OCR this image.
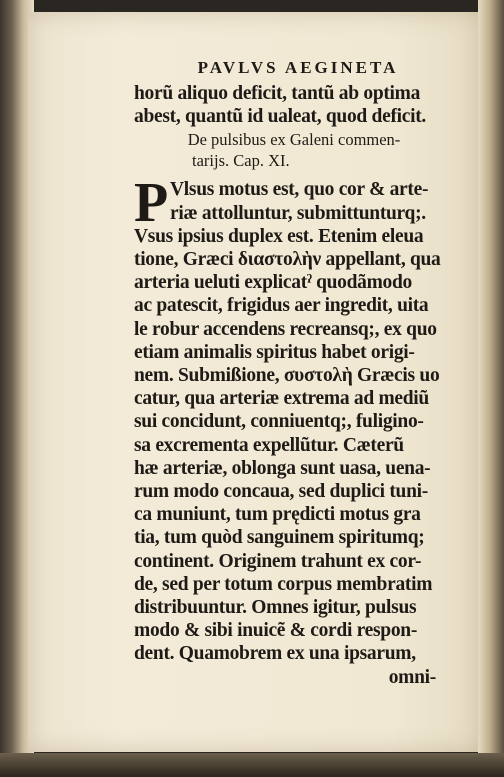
PAVLVS AEGINETA
horũ aliquo deficit, tantũ ab optima
abest, quantũ id ualeat, quod deficit.
De pulsibus ex Galeni commen-
tarijs. Cap. XI.
P Vlsus motus est, quo cor & arte-
riæ attolluntur, submittunturq;.
Vsus ipsius duplex est. Etenim eleua
tione, Græci διαστολὴν appellant, qua
arteria ueluti explicatˀ quodãmodo
ac patescit, frigidus aer ingredit, uita
le robur accendens recreansq;, ex quo
etiam animalis spiritus habet origi-
nem. Submißione, συστολὴ Græcis uo
catur, qua arteriæ extrema ad mediũ
sui concidunt, conniuentq;, fuligino-
sa excrementa expellũtur. Cæterũ
hæ arteriæ, oblonga sunt uasa, uena-
rum modo concaua, sed duplici tuni-
ca muniunt, tum prędicti motus gra
tia, tum quòd sanguinem spiritumq;
continent. Originem trahunt ex cor-
de, sed per totum corpus membratim
distribuuntur. Omnes igitur, pulsus
modo & sibi inuicẽ & cordi respon-
dent. Quamobrem ex una ipsarum,
omni-
